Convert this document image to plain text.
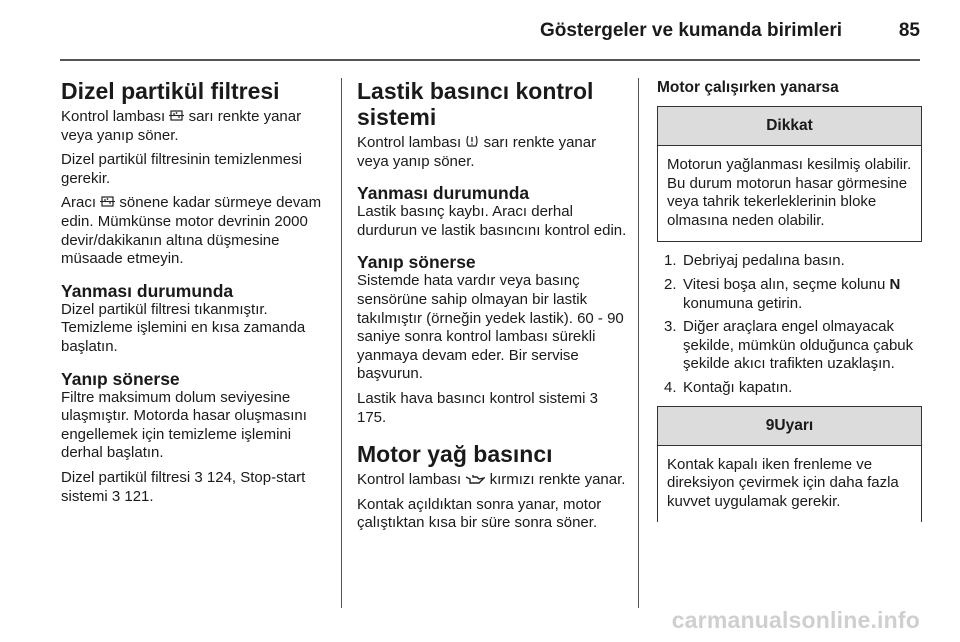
Göstergeler ve kumanda birimleri	85
Dizel partikül filtresi

Kontrol lambası sarı renkte yanar veya yanıp söner.

Dizel partikül filtresinin temizlenmesi gerekir.

Aracı sönene kadar sürmeye devam edin. Mümkünse motor devrinin 2000 devir/dakikanın altına düşmesine müsaade etmeyin.

Yanması durumunda

Dizel partikül filtresi tıkanmıştır. Temizleme işlemini en kısa zamanda başlatın.

Yanıp sönerse

Filtre maksimum dolum seviyesine ulaşmıştır. Motorda hasar oluşmasını engellemek için temizleme işlemini derhal başlatın.

Dizel partikül filtresi 3 124, Stop-start sistemi 3 121.

Lastik basıncı kontrol sistemi

Kontrol lambası sarı renkte yanar veya yanıp söner.

Yanması durumunda

Lastik basınç kaybı. Aracı derhal durdurun ve lastik basıncını kontrol edin.

Yanıp sönerse

Sistemde hata vardır veya basınç sensörüne sahip olmayan bir lastik takılmıştır (örneğin yedek lastik). 60 - 90 saniye sonra kontrol lambası sürekli yanmaya devam eder. Bir servise başvurun.

Lastik hava basıncı kontrol sistemi 3 175.

Motor yağ basıncı

Kontrol lambası kırmızı renkte yanar.

Kontak açıldıktan sonra yanar, motor çalıştıktan kısa bir süre sonra söner.

Motor çalışırken yanarsa
Dikkat
Motorun yağlanması kesilmiş olabilir. Bu durum motorun hasar görmesine veya tahrik tekerleklerinin bloke olmasına neden olabilir.
1. Debriyaj pedalına basın.
2. Vitesi boşa alın, seçme kolunu N konumuna getirin.
3. Diğer araçlara engel olmayacak şekilde, mümkün olduğunca çabuk şekilde akıcı trafikten uzaklaşın.
4. Kontağı kapatın.
9Uyarı
Kontak kapalı iken frenleme ve direksiyon çevirmek için daha fazla kuvvet uygulamak gerekir.
carmanualsonline.info
